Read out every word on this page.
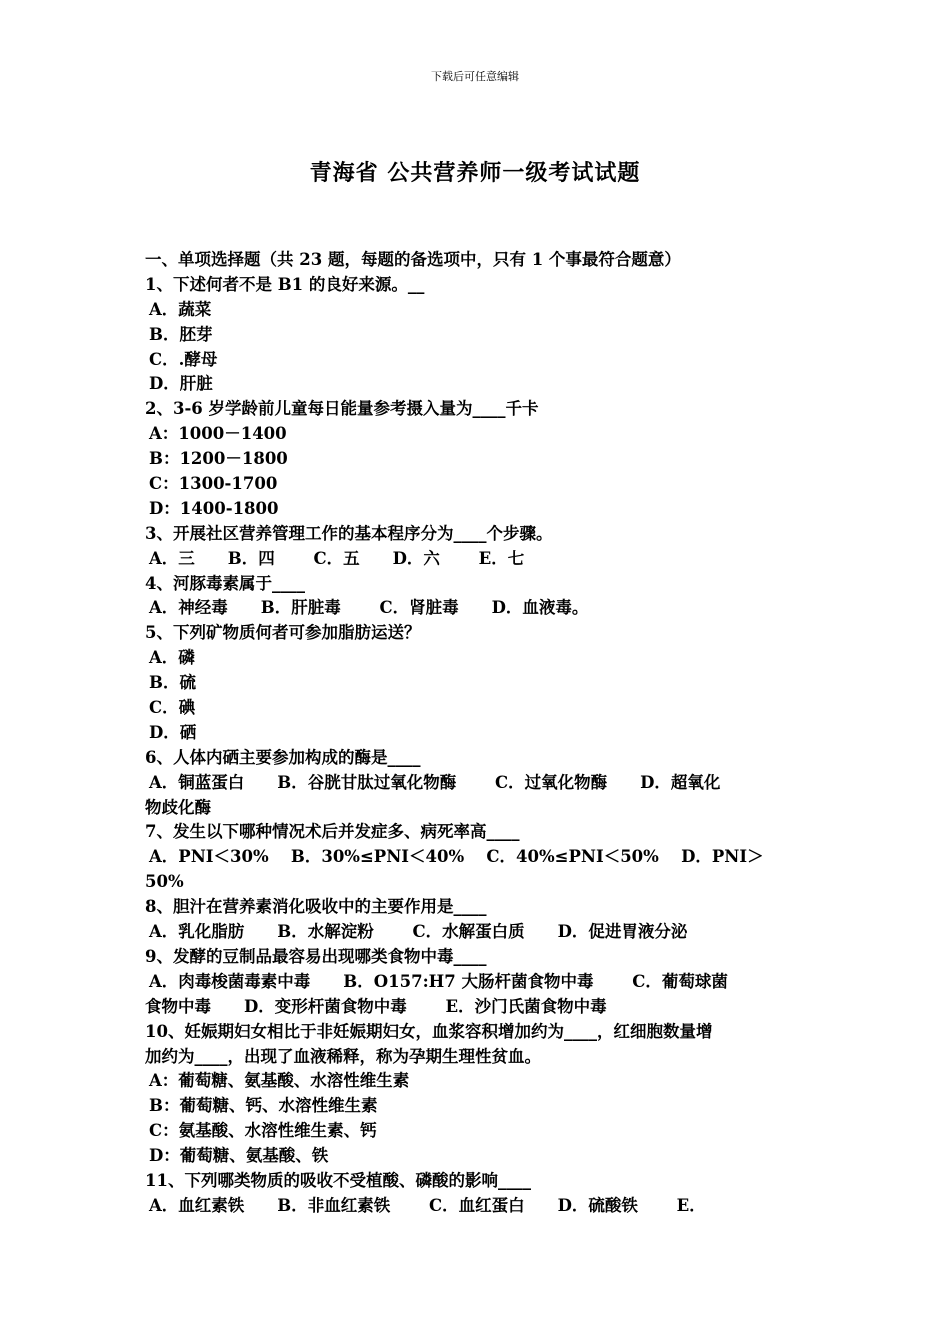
下载后可任意编辑
青海省 公共营养师一级考试试题
一、单项选择题（共 23 题，每题的备选项中，只有 1 个事最符合题意）
1、下述何者不是 B1 的良好来源。__
A．蔬菜
B．胚芽
C．.酵母
D．肝脏
2、3-6 岁学龄前儿童每日能量参考摄入量为____千卡
A：1000－1400
B：1200－1800
C：1300-1700
D：1400-1800
3、开展社区营养管理工作的基本程序分为____个步骤。
A．三　　B．四　　 C．五　　D．六　　 E．七
4、河豚毒素属于____
A．神经毒　　B．肝脏毒　　 C．肾脏毒　　D．血液毒。
5、下列矿物质何者可参加脂肪运送？
A．磷
B．硫
C．碘
D．硒
6、人体内硒主要参加构成的酶是____
A．铜蓝蛋白　　B．谷胱甘肽过氧化物酶　　 C．过氧化物酶　　D．超氧化
物歧化酶
7、发生以下哪种情况术后并发症多、病死率高____
A．PNI＜30%　 B．30%≤PNI＜40%　 C．40%≤PNI＜50%　 D．PNI＞
50%
8、胆汁在营养素消化吸收中的主要作用是____
A．乳化脂肪　　B．水解淀粉　　 C．水解蛋白质　　D．促进胃液分泌
9、发酵的豆制品最容易出现哪类食物中毒____
A．肉毒梭菌毒素中毒　　B．O157:H7 大肠杆菌食物中毒　　 C．葡萄球菌
食物中毒　　D．变形杆菌食物中毒　　 E．沙门氏菌食物中毒
10、妊娠期妇女相比于非妊娠期妇女，血浆容积增加约为____，红细胞数量增
加约为____，出现了血液稀释，称为孕期生理性贫血。
A：葡萄糖、氨基酸、水溶性维生素
B：葡萄糖、钙、水溶性维生素
C：氨基酸、水溶性维生素、钙
D：葡萄糖、氨基酸、铁
11、下列哪类物质的吸收不受植酸、磷酸的影响____
A．血红素铁　　B．非血红素铁　　 C．血红蛋白　　D．硫酸铁　　 E．
